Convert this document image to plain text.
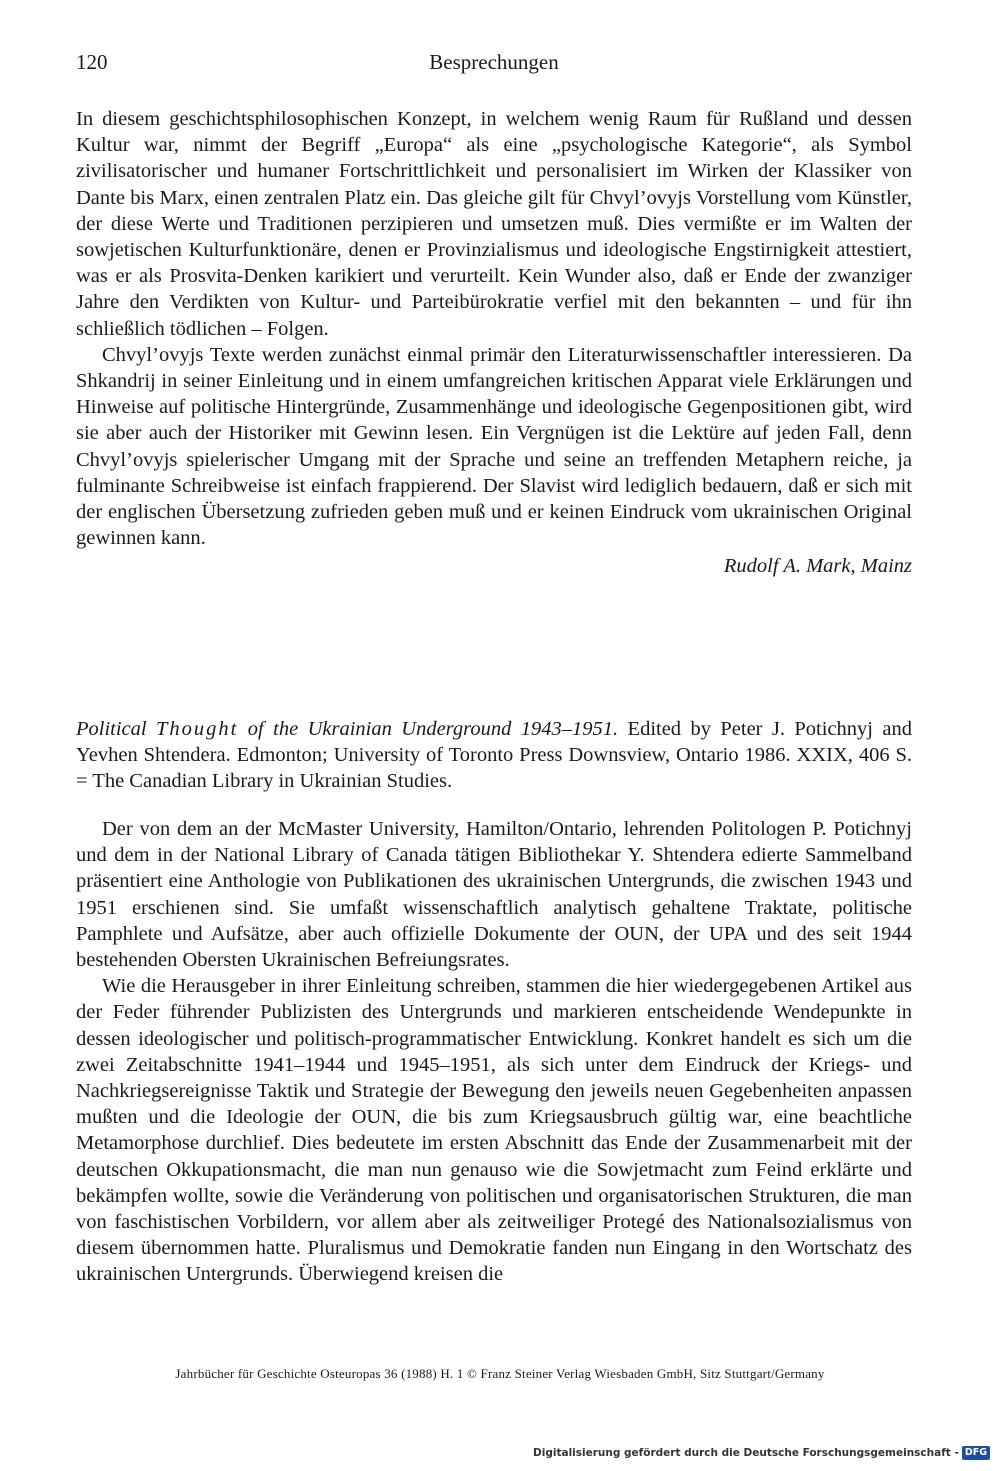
120	Besprechungen

In diesem geschichtsphilosophischen Konzept, in welchem wenig Raum für Rußland und dessen Kultur war, nimmt der Begriff „Europa“ als eine „psychologische Kategorie“, als Symbol zivilisatorischer und humaner Fortschrittlichkeit und personalisiert im Wirken der Klassiker von Dante bis Marx, einen zentralen Platz ein. Das gleiche gilt für Chvyl’ovyjs Vorstellung vom Künstler, der diese Werte und Traditionen perzipieren und umsetzen muß. Dies vermißte er im Walten der sowjetischen Kulturfunktionäre, denen er Provinzialismus und ideologische Engstirnigkeit attestiert, was er als Prosvita-Denken karikiert und verurteilt. Kein Wunder also, daß er Ende der zwanziger Jahre den Verdikten von Kultur- und Parteibürokratie verfiel mit den bekannten – und für ihn schließlich tödlichen – Folgen.

Chvyl’ovyjs Texte werden zunächst einmal primär den Literaturwissenschaftler interessieren. Da Shkandrij in seiner Einleitung und in einem umfangreichen kritischen Apparat viele Erklärungen und Hinweise auf politische Hintergründe, Zusammenhänge und ideologische Gegenpositionen gibt, wird sie aber auch der Historiker mit Gewinn lesen. Ein Vergnügen ist die Lektüre auf jeden Fall, denn Chvyl’ovyjs spielerischer Umgang mit der Sprache und seine an treffenden Metaphern reiche, ja fulminante Schreibweise ist einfach frappierend. Der Slavist wird lediglich bedauern, daß er sich mit der englischen Übersetzung zufrieden geben muß und er keinen Eindruck vom ukrainischen Original gewinnen kann.

Rudolf A. Mark, Mainz

Political Thought of the Ukrainian Underground 1943–1951. Edited by Peter J. Potichnyj and Yevhen Shtendera. Edmonton; University of Toronto Press Downsview, Ontario 1986. XXIX, 406 S. = The Canadian Library in Ukrainian Studies.

Der von dem an der McMaster University, Hamilton/Ontario, lehrenden Politologen P. Potichnyj und dem in der National Library of Canada tätigen Bibliothekar Y. Shtendera edierte Sammelband präsentiert eine Anthologie von Publikationen des ukrainischen Untergrunds, die zwischen 1943 und 1951 erschienen sind. Sie umfaßt wissenschaftlich analytisch gehaltene Traktate, politische Pamphlete und Aufsätze, aber auch offizielle Dokumente der OUN, der UPA und des seit 1944 bestehenden Obersten Ukrainischen Befreiungsrates.

Wie die Herausgeber in ihrer Einleitung schreiben, stammen die hier wiedergegebenen Artikel aus der Feder führender Publizisten des Untergrunds und markieren entscheidende Wendepunkte in dessen ideologischer und politisch-programmatischer Entwicklung. Konkret handelt es sich um die zwei Zeitabschnitte 1941–1944 und 1945–1951, als sich unter dem Eindruck der Kriegs- und Nachkriegsereignisse Taktik und Strategie der Bewegung den jeweils neuen Gegebenheiten anpassen mußten und die Ideologie der OUN, die bis zum Kriegsausbruch gültig war, eine beachtliche Metamorphose durchlief. Dies bedeutete im ersten Abschnitt das Ende der Zusammenarbeit mit der deutschen Okkupationsmacht, die man nun genauso wie die Sowjetmacht zum Feind erklärte und bekämpfen wollte, sowie die Veränderung von politischen und organisatorischen Strukturen, die man von faschistischen Vorbildern, vor allem aber als zeitweiliger Protegé des Nationalsozialismus von diesem übernommen hatte. Pluralismus und Demokratie fanden nun Eingang in den Wortschatz des ukrainischen Untergrunds. Überwiegend kreisen die

Jahrbücher für Geschichte Osteuropas 36 (1988) H. 1 © Franz Steiner Verlag Wiesbaden GmbH, Sitz Stuttgart/Germany
Digitalisierung gefördert durch die Deutsche Forschungsgemeinschaft - DFG
